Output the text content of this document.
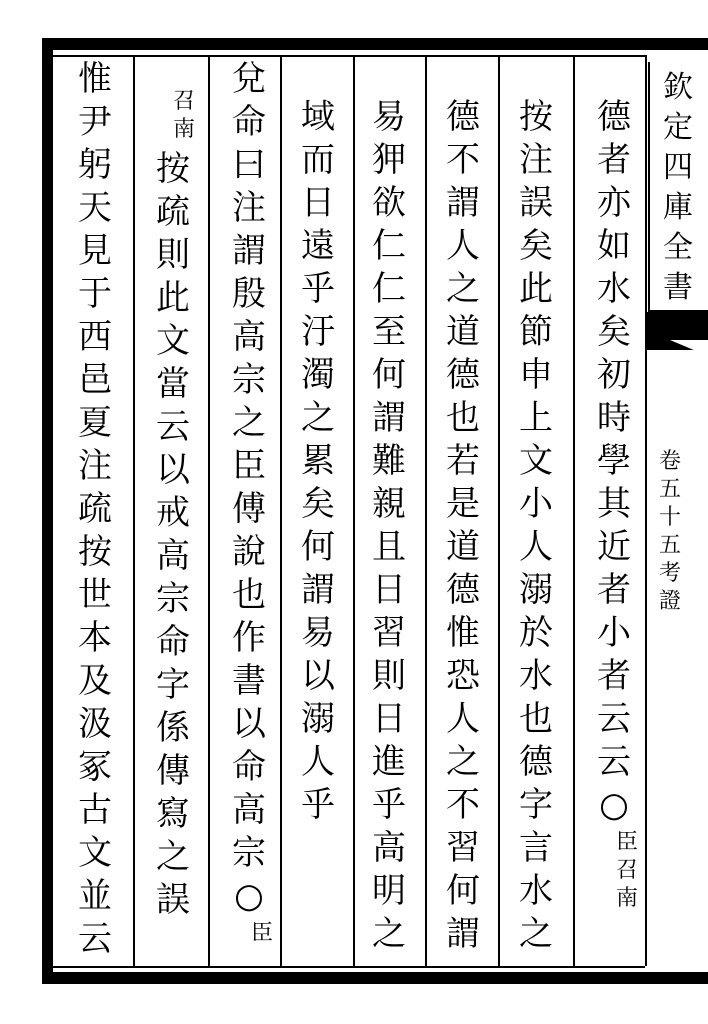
欽
定
四
庫
全
書
卷
五
十
五
考
證
德
者
亦
如
水
矣
初
時
學
其
近
者
小
者
云
云
○
臣
召
南
按
注
誤
矣
此
節
申
上
文
小
人
溺
於
水
也
德
字
言
水
之
德
不
謂
人
之
道
德
也
若
是
道
德
惟
恐
人
之
不
習
何
謂
易
狎
欲
仁
仁
至
何
謂
難
親
且
日
習
則
日
進
乎
高
明
之
域
而
日
遠
乎
汙
濁
之
累
矣
何
謂
易
以
溺
人
乎
兌
命
曰
注
謂
殷
高
宗
之
臣
傅
說
也
作
書
以
命
高
宗
○
臣
召
南
按
疏
則
此
文
當
云
以
戒
高
宗
命
字
係
傳
寫
之
誤
惟
尹
躬
天
見
于
西
邑
夏
注
疏
按
世
本
及
汲
冢
古
文
並
云
